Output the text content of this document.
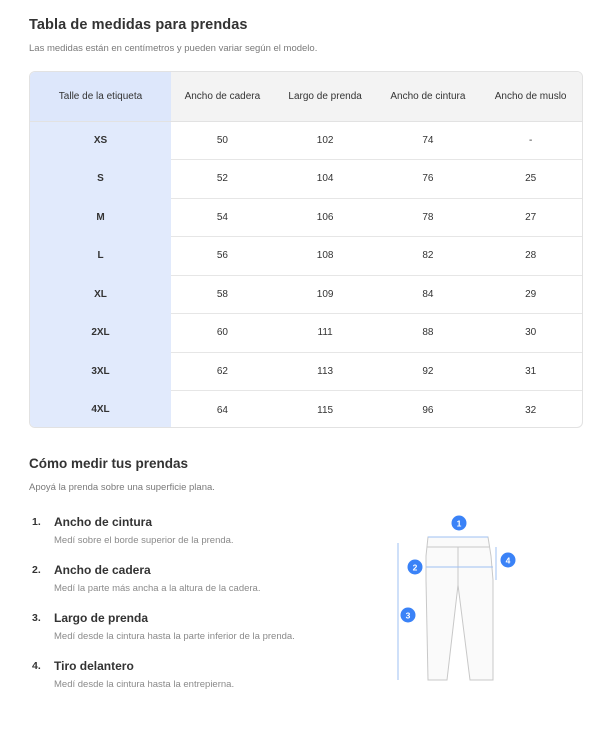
Tabla de medidas para prendas
Las medidas están en centímetros y pueden variar según el modelo.
Talle de la etiqueta	Ancho de cadera	Largo de prenda	Ancho de cintura	Ancho de muslo
XS	50	102	74	-
S	52	104	76	25
M	54	106	78	27
L	56	108	82	28
XL	58	109	84	29
2XL	60	111	88	30
3XL	62	113	92	31
4XL	64	115	96	32
Cómo medir tus prendas
Apoyá la prenda sobre una superficie plana.
1. Ancho de cintura
Medí sobre el borde superior de la prenda.
2. Ancho de cadera
Medí la parte más ancha a la altura de la cadera.
3. Largo de prenda
Medí desde la cintura hasta la parte inferior de la prenda.
4. Tiro delantero
Medí desde la cintura hasta la entrepierna.
1
2
3
4
